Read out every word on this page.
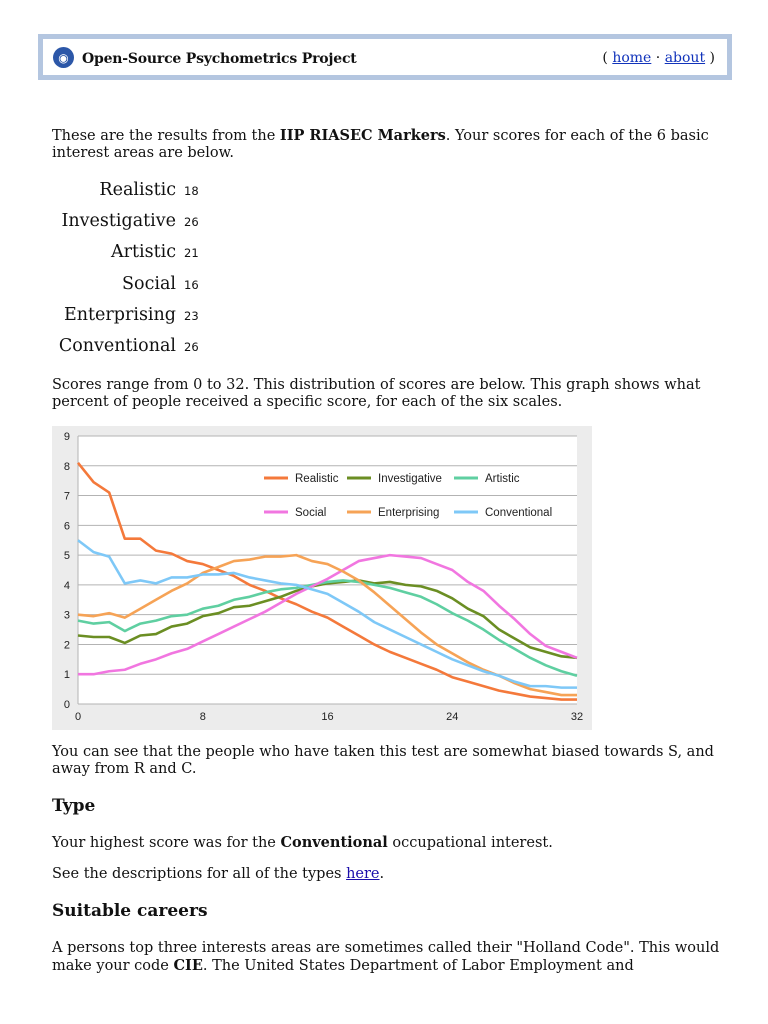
◉ Open-Source Psychometrics Project	( home · about )

These are the results from the IIP RIASEC Markers. Your scores for each of the 6 basic interest areas are below.

Realistic 18
Investigative 26
Artistic 21
Social 16
Enterprising 23
Conventional 26

Scores range from 0 to 32. This distribution of scores are below. This graph shows what percent of people received a specific score, for each of the six scales.

0
1
2
3
4
5
6
7
8
9
0	8	16	24	32
Realistic	Investigative	Artistic
Social	Enterprising	Conventional

You can see that the people who have taken this test are somewhat biased towards S, and away from R and C.

Type

Your highest score was for the Conventional occupational interest.

See the descriptions for all of the types here.

Suitable careers

A persons top three interests areas are sometimes called their "Holland Code". This would make your code CIE. The United States Department of Labor Employment and
